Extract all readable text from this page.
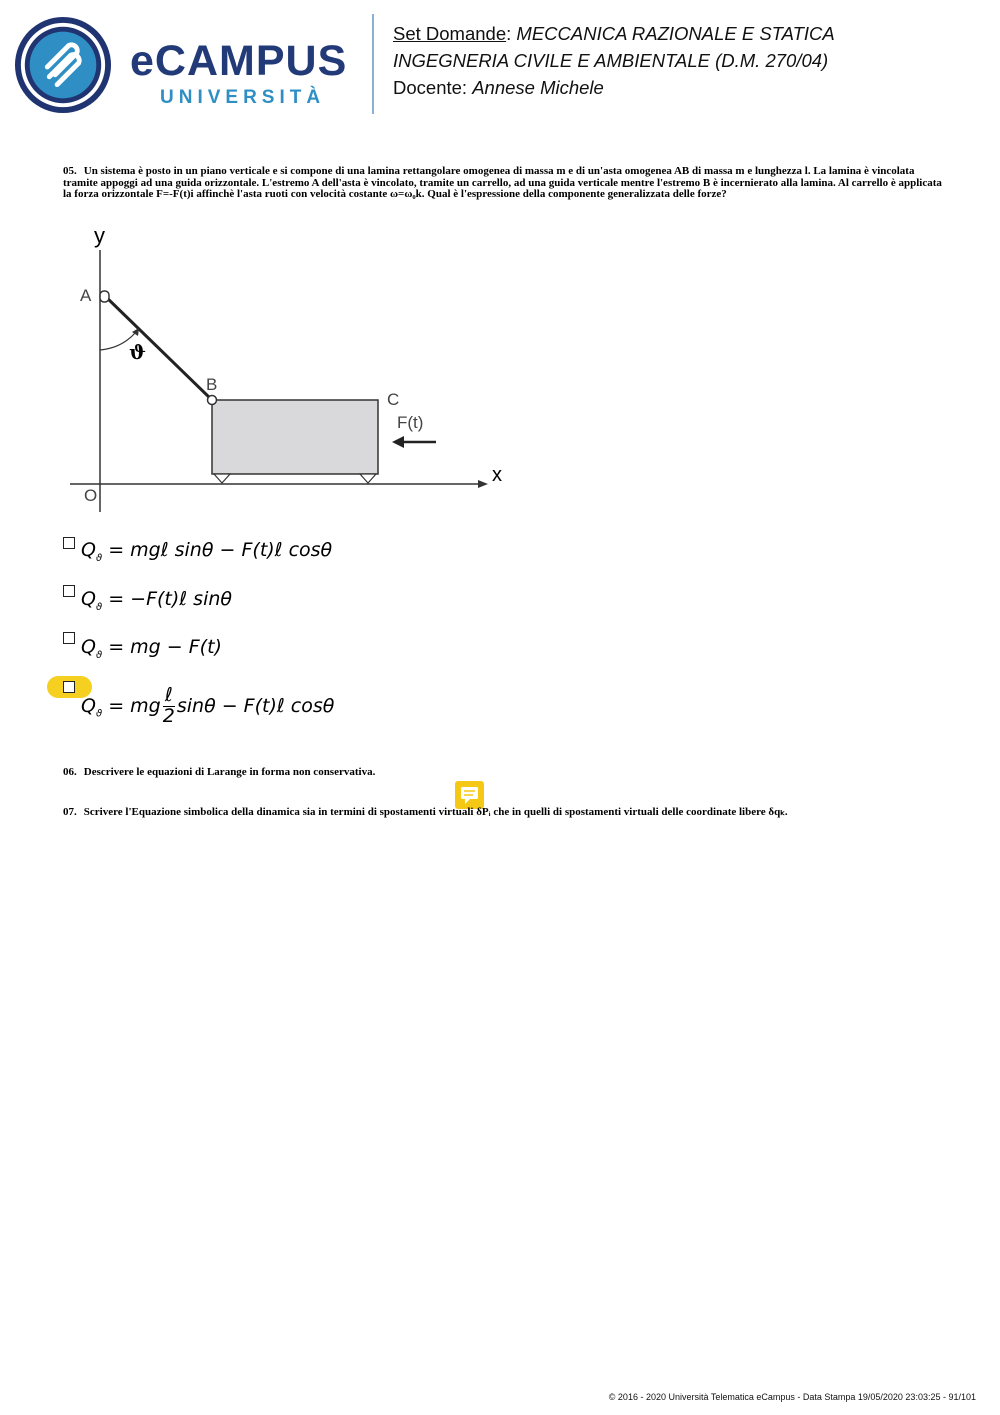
eCAMPUS
UNIVERSITÀ
Set Domande: MECCANICA RAZIONALE E STATICA
INGEGNERIA CIVILE E AMBIENTALE (D.M. 270/04)
Docente: Annese Michele
05. Un sistema è posto in un piano verticale e si compone di una lamina rettangolare omogenea di massa m e di un'asta omogenea AB di massa m e lunghezza l. La lamina è vincolata tramite appoggi ad una guida orizzontale. L'estremo A dell'asta è vincolato, tramite un carrello, ad una guida verticale mentre l'estremo B è incernierato alla lamina. Al carrello è applicata la forza orizzontale F=-F(t)i affinchè l'asta ruoti con velocità costante ω=ω₀k. Qual è l'espressione della componente generalizzata delle forze?
y
x
O
ϑ
A
B
C
F(t)
$Q_ϑ$ = mgℓ sinθ − F(t)ℓ cosθ
$Q_ϑ$ = −F(t)ℓ sinθ
$Q_ϑ$ = mg − F(t)
$Q_ϑ$ = mg $\frac{\text{ℓ}}{2}$ sinθ − F(t)ℓ cosθ
06. Descrivere le equazioni di Larange in forma non conservativa.
07. Scrivere l'Equazione simbolica della dinamica sia in termini di spostamenti virtuali δPᵢ che in quelli di spostamenti virtuali delle coordinate libere δqₖ.
© 2016 - 2020 Università Telematica eCampus - Data Stampa 19/05/2020 23:03:25 - 91/101
